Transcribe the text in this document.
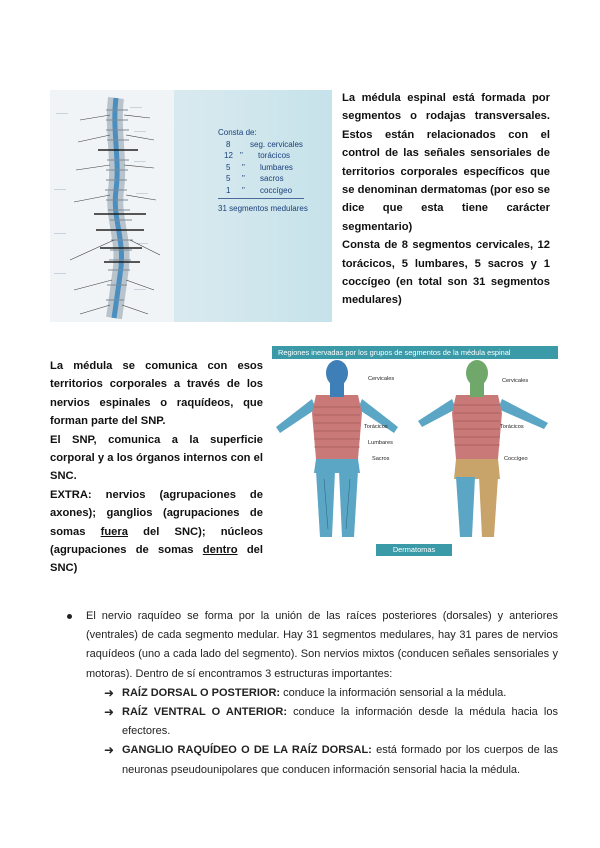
———
———
———
———
———
———
———
———
———
———
Consta de:
8 seg. cervicales
12 " torácicos
5 " lumbares
5 " sacros
1 " coccígeo
31 segmentos medulares

La médula espinal está formada por segmentos o rodajas transversales. Estos están relacionados con el control de las señales sensoriales de territorios corporales específicos que se denominan dermatomas (por eso se dice que esta tiene carácter segmentario)

Consta de 8 segmentos cervicales, 12 torácicos, 5 lumbares, 5 sacros y 1 coccígeo (en total son 31 segmentos medulares)

La médula se comunica con esos territorios corporales a través de los nervios espinales o raquídeos, que forman parte del SNP.

El SNP, comunica a la superficie corporal y a los órganos internos con el SNC.

EXTRA: nervios (agrupaciones de axones); ganglios (agrupaciones de somas fuera del SNC); núcleos (agrupaciones de somas dentro del SNC)

Regiones inervadas por los grupos de segmentos de la médula espinal
Cervicales	Cervicales
Torácicos	Torácicos
Lumbares
Sacros	Coccígeo
Dermatomas
El nervio raquídeo se forma por la unión de las raíces posteriores (dorsales) y anteriores (ventrales) de cada segmento medular. Hay 31 segmentos medulares, hay 31 pares de nervios raquídeos (uno a cada lado del segmento). Son nervios mixtos (conducen señales sensoriales y motoras). Dentro de sí encontramos 3 estructuras importantes:
➜ RAÍZ DORSAL O POSTERIOR: conduce la información sensorial a la médula.
➜ RAÍZ VENTRAL O ANTERIOR: conduce la información desde la médula hacia los efectores.
➜ GANGLIO RAQUÍDEO O DE LA RAÍZ DORSAL: está formado por los cuerpos de las neuronas pseudounipolares que conducen información sensorial hacia la médula.
